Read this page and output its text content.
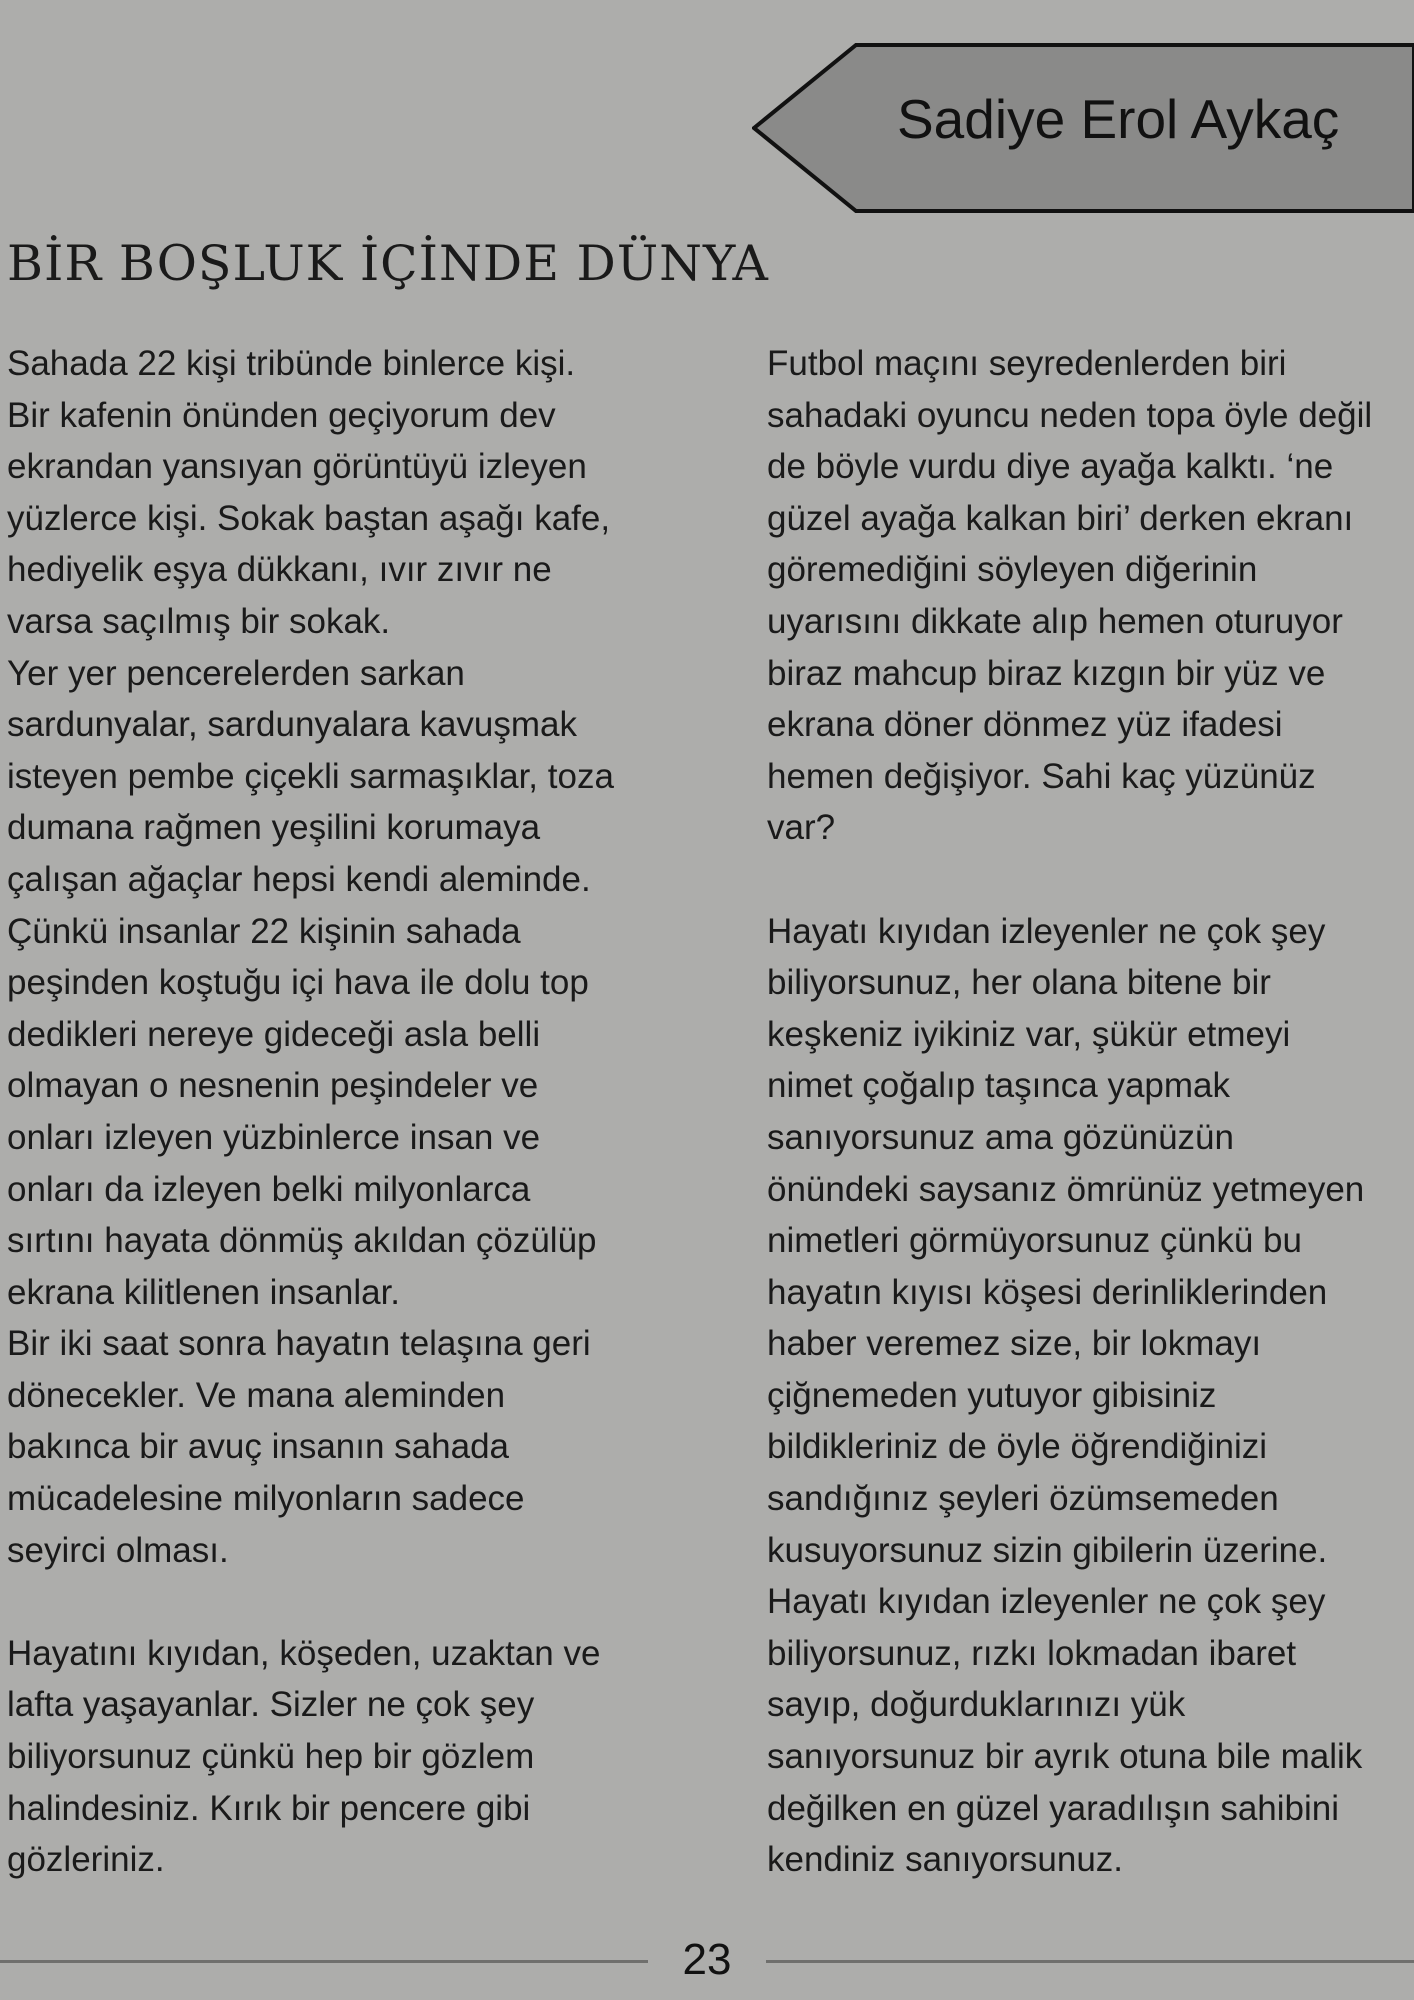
Sadiye Erol Aykaç
BİR BOŞLUK İÇİNDE DÜNYA
Sahada 22 kişi tribünde binlerce kişi.
Bir kafenin önünden geçiyorum dev
ekrandan yansıyan görüntüyü izleyen
yüzlerce kişi. Sokak baştan aşağı kafe,
hediyelik eşya dükkanı, ıvır zıvır ne
varsa saçılmış bir sokak.
Yer yer pencerelerden sarkan
sardunyalar, sardunyalara kavuşmak
isteyen pembe çiçekli sarmaşıklar, toza
dumana rağmen yeşilini korumaya
çalışan ağaçlar hepsi kendi aleminde.
Çünkü insanlar 22 kişinin sahada
peşinden koştuğu içi hava ile dolu top
dedikleri nereye gideceği asla belli
olmayan o nesnenin peşindeler ve
onları izleyen yüzbinlerce insan ve
onları da izleyen belki milyonlarca
sırtını hayata dönmüş akıldan çözülüp
ekrana kilitlenen insanlar.
Bir iki saat sonra hayatın telaşına geri
dönecekler. Ve mana aleminden
bakınca bir avuç insanın sahada
mücadelesine milyonların sadece
seyirci olması.
Hayatını kıyıdan, köşeden, uzaktan ve
lafta yaşayanlar. Sizler ne çok şey
biliyorsunuz çünkü hep bir gözlem
halindesiniz. Kırık bir pencere gibi
gözleriniz.
Futbol maçını seyredenlerden biri
sahadaki oyuncu neden topa öyle değil
de böyle vurdu diye ayağa kalktı. ‘ne
güzel ayağa kalkan biri’ derken ekranı
göremediğini söyleyen diğerinin
uyarısını dikkate alıp hemen oturuyor
biraz mahcup biraz kızgın bir yüz ve
ekrana döner dönmez yüz ifadesi
hemen değişiyor. Sahi kaç yüzünüz
var?
Hayatı kıyıdan izleyenler ne çok şey
biliyorsunuz, her olana bitene bir
keşkeniz iyikiniz var, şükür etmeyi
nimet çoğalıp taşınca yapmak
sanıyorsunuz ama gözünüzün
önündeki saysanız ömrünüz yetmeyen
nimetleri görmüyorsunuz çünkü bu
hayatın kıyısı köşesi derinliklerinden
haber veremez size, bir lokmayı
çiğnemeden yutuyor gibisiniz
bildikleriniz de öyle öğrendiğinizi
sandığınız şeyleri özümsemeden
kusuyorsunuz sizin gibilerin üzerine.
Hayatı kıyıdan izleyenler ne çok şey
biliyorsunuz, rızkı lokmadan ibaret
sayıp, doğurduklarınızı yük
sanıyorsunuz bir ayrık otuna bile malik
değilken en güzel yaradılışın sahibini
kendiniz sanıyorsunuz.
23
